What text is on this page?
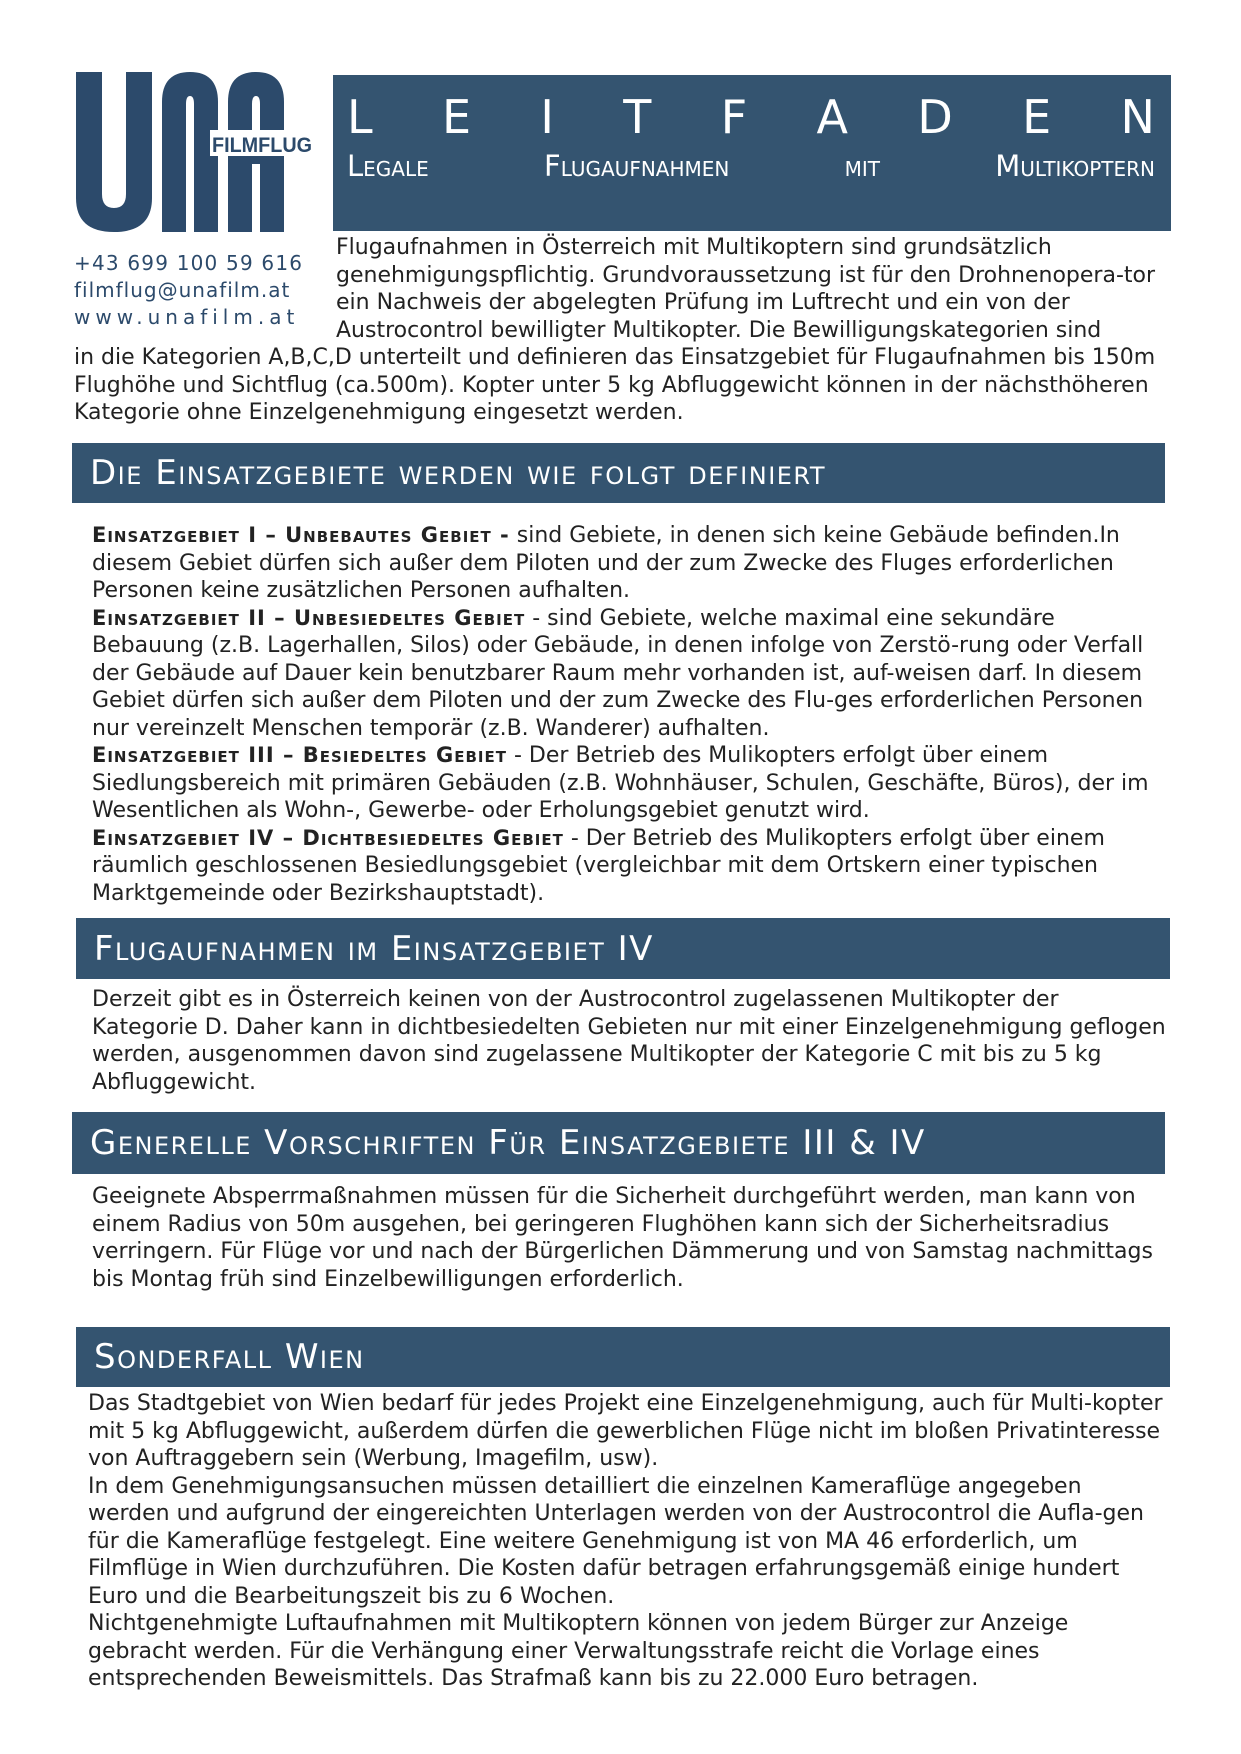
FILMFLUG
+43 699 100 59 616
filmflug@unafilm.at
www.unafilm.at
L E I T F A D E N
Legale	Flugaufnahmen	mit	Multikoptern
Flugaufnahmen in Österreich mit Multikoptern sind grundsätzlich genehmigungspflichtig. Grundvoraussetzung ist für den Drohnenopera-tor ein Nachweis der abgelegten Prüfung im Luftrecht und ein von der Austrocontrol bewilligter Multikopter. Die Bewilligungskategorien sind
in die Kategorien A,B,C,D unterteilt und definieren das Einsatzgebiet für Flugaufnahmen bis 150m Flughöhe und Sichtflug (ca.500m). Kopter unter 5 kg Abfluggewicht können in der nächsthöheren Kategorie ohne Einzelgenehmigung eingesetzt werden.
Die Einsatzgebiete werden wie folgt definiert

Einsatzgebiet I – Unbebautes Gebiet - sind Gebiete, in denen sich keine Gebäude befinden.In diesem Gebiet dürfen sich außer dem Piloten und der zum Zwecke des Fluges erforderlichen Personen keine zusätzlichen Personen aufhalten.

Einsatzgebiet II – Unbesiedeltes Gebiet - sind Gebiete, welche maximal eine sekundäre Bebauung (z.B. Lagerhallen, Silos) oder Gebäude, in denen infolge von Zerstö-rung oder Verfall der Gebäude auf Dauer kein benutzbarer Raum mehr vorhanden ist, auf-weisen darf. In diesem Gebiet dürfen sich außer dem Piloten und der zum Zwecke des Flu-ges erforderlichen Personen nur vereinzelt Menschen temporär (z.B. Wanderer) aufhalten.

Einsatzgebiet III – Besiedeltes Gebiet - Der Betrieb des Mulikopters erfolgt über einem Siedlungsbereich mit primären Gebäuden (z.B. Wohnhäuser, Schulen, Geschäfte, Büros), der im Wesentlichen als Wohn-, Gewerbe- oder Erholungsgebiet genutzt wird.

Einsatzgebiet IV – Dichtbesiedeltes Gebiet - Der Betrieb des Mulikopters erfolgt über einem räumlich geschlossenen Besiedlungsgebiet (vergleichbar mit dem Ortskern einer typischen Marktgemeinde oder Bezirkshauptstadt).

Flugaufnahmen im Einsatzgebiet IV

Derzeit gibt es in Österreich keinen von der Austrocontrol zugelassenen Multikopter der Kategorie D. Daher kann in dichtbesiedelten Gebieten nur mit einer Einzelgenehmigung geflogen werden, ausgenommen davon sind zugelassene Multikopter der Kategorie C mit bis zu 5 kg Abfluggewicht.

Generelle Vorschriften Für Einsatzgebiete III & IV

Geeignete Absperrmaßnahmen müssen für die Sicherheit durchgeführt werden, man kann von einem Radius von 50m ausgehen, bei geringeren Flughöhen kann sich der Sicherheitsradius verringern. Für Flüge vor und nach der Bürgerlichen Dämmerung und von Samstag nachmittags bis Montag früh sind Einzelbewilligungen erforderlich.

Sonderfall Wien

Das Stadtgebiet von Wien bedarf für jedes Projekt eine Einzelgenehmigung, auch für Multi-kopter mit 5 kg Abfluggewicht, außerdem dürfen die gewerblichen Flüge nicht im bloßen Privatinteresse von Auftraggebern sein (Werbung, Imagefilm, usw).

In dem Genehmigungsansuchen müssen detailliert die einzelnen Kameraflüge angegeben werden und aufgrund der eingereichten Unterlagen werden von der Austrocontrol die Aufla-gen für die Kameraflüge festgelegt. Eine weitere Genehmigung ist von MA 46 erforderlich, um Filmflüge in Wien durchzuführen. Die Kosten dafür betragen erfahrungsgemäß einige hundert Euro und die Bearbeitungszeit bis zu 6 Wochen.

Nichtgenehmigte Luftaufnahmen mit Multikoptern können von jedem Bürger zur Anzeige gebracht werden. Für die Verhängung einer Verwaltungsstrafe reicht die Vorlage eines entsprechenden Beweismittels. Das Strafmaß kann bis zu 22.000 Euro betragen.
